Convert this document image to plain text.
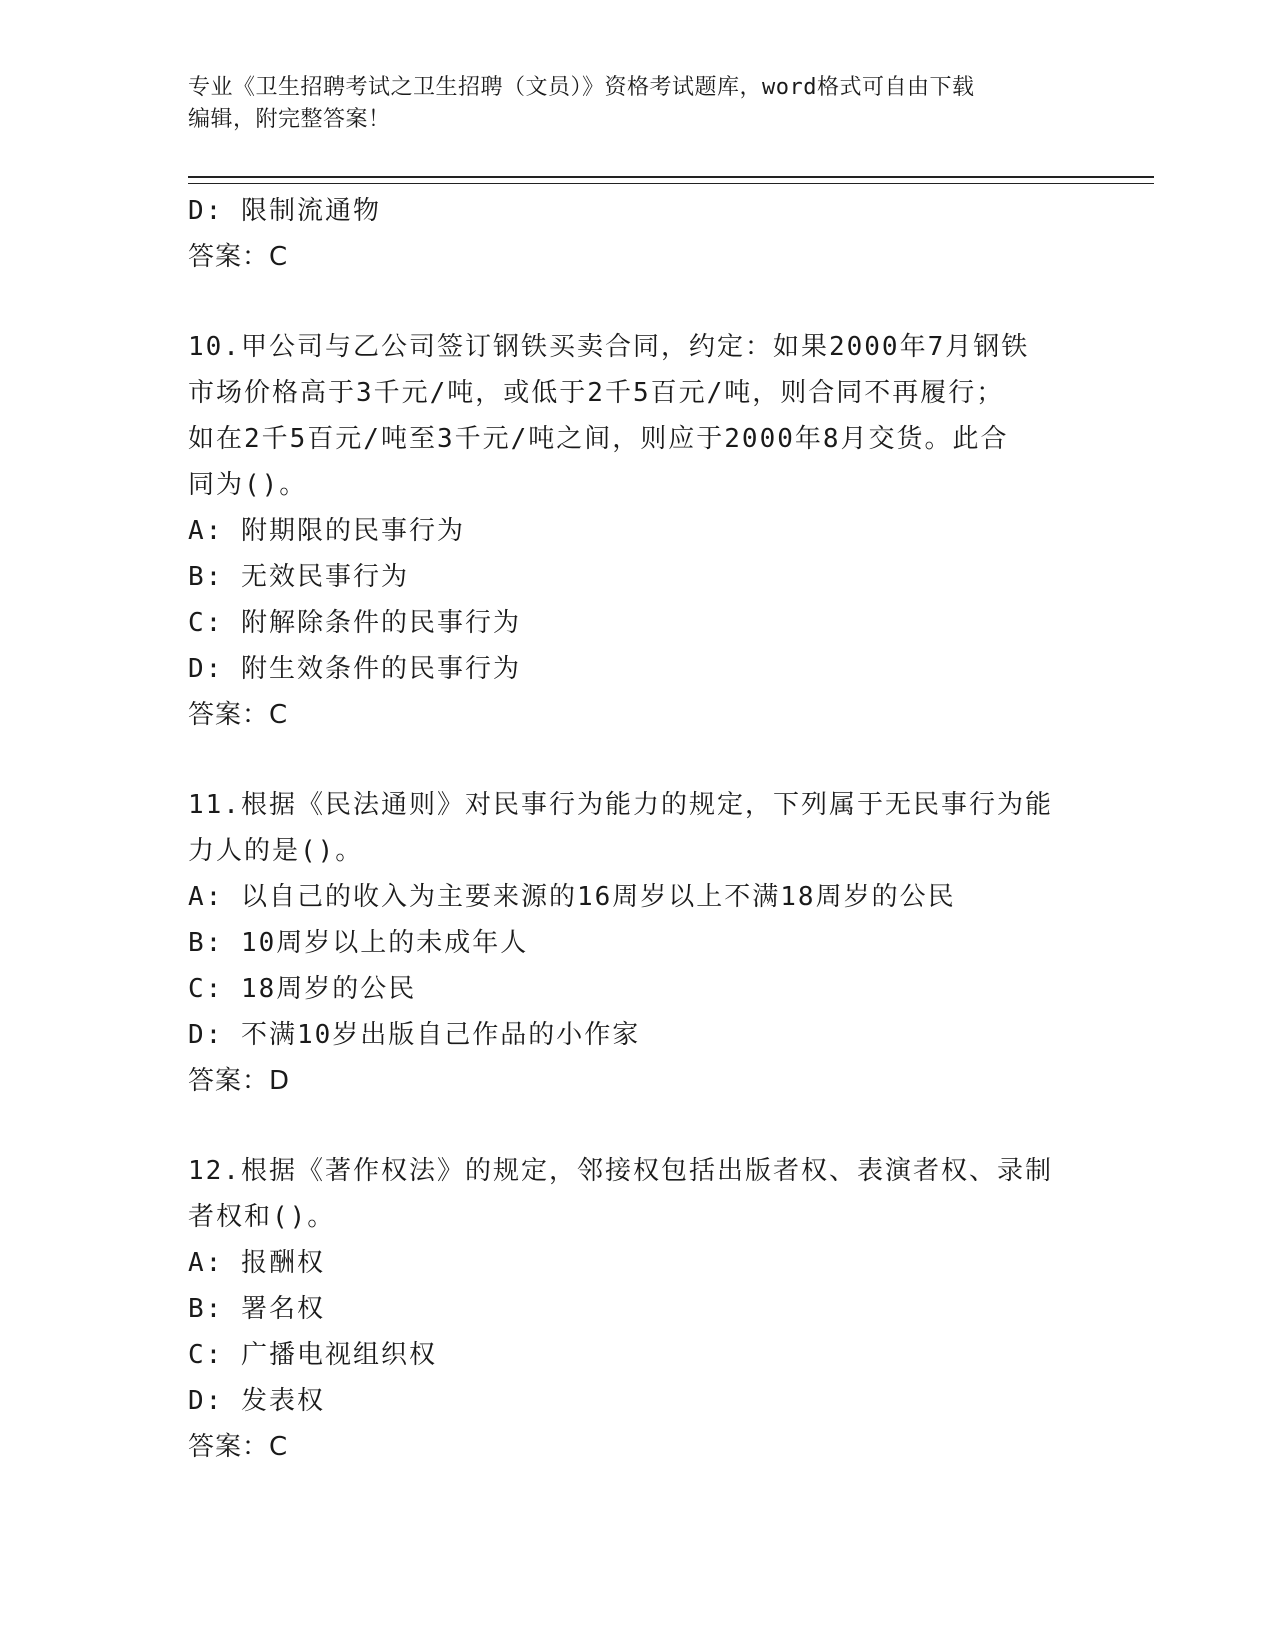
专业《卫生招聘考试之卫生招聘（文员）》资格考试题库，word格式可自由下载
编辑，附完整答案！
D: 限制流通物
答案：C
10.甲公司与乙公司签订钢铁买卖合同，约定：如果2000年7月钢铁
市场价格高于3千元/吨，或低于2千5百元/吨，则合同不再履行；
如在2千5百元/吨至3千元/吨之间，则应于2000年8月交货。此合
同为()。
A: 附期限的民事行为
B: 无效民事行为
C: 附解除条件的民事行为
D: 附生效条件的民事行为
答案：C
11.根据《民法通则》对民事行为能力的规定，下列属于无民事行为能
力人的是()。
A: 以自己的收入为主要来源的16周岁以上不满18周岁的公民
B: 10周岁以上的未成年人
C: 18周岁的公民
D: 不满10岁出版自己作品的小作家
答案：D
12.根据《著作权法》的规定，邻接权包括出版者权、表演者权、录制
者权和()。
A: 报酬权
B: 署名权
C: 广播电视组织权
D: 发表权
答案：C
